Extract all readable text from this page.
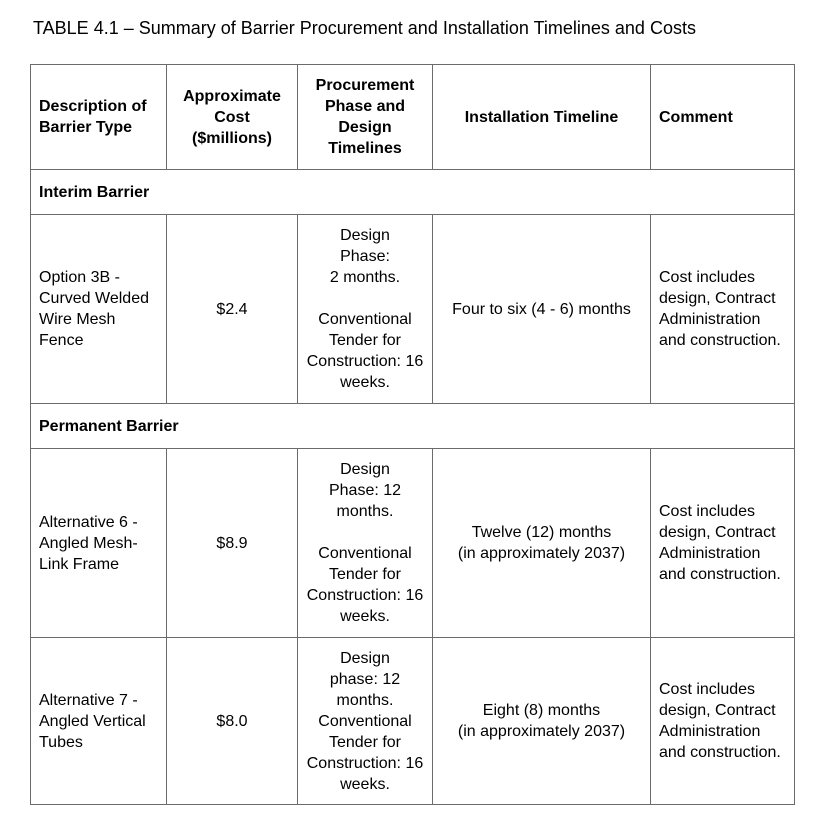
TABLE 4.1 – Summary of Barrier Procurement and Installation Timelines and Costs
Description of Barrier Type	Approximate Cost ($millions)	Procurement Phase and Design Timelines	Installation Timeline	Comment
Interim Barrier				
Option 3B - Curved Welded Wire Mesh Fence	$2.4	Design
Phase:
2 months.

Conventional Tender for Construction: 16 weeks.	Four to six (4 - 6) months	Cost includes design, Contract Administration and construction.
Permanent Barrier				
Alternative 6 - Angled Mesh-Link Frame	$8.9	Design
Phase: 12 months.

Conventional Tender for Construction: 16 weeks.	Twelve (12) months
(in approximately 2037)	Cost includes design, Contract Administration and construction.
Alternative 7 - Angled Vertical Tubes	$8.0	Design
phase: 12 months.
Conventional Tender for Construction: 16 weeks.	Eight (8) months
(in approximately 2037)	Cost includes design, Contract Administration and construction.
